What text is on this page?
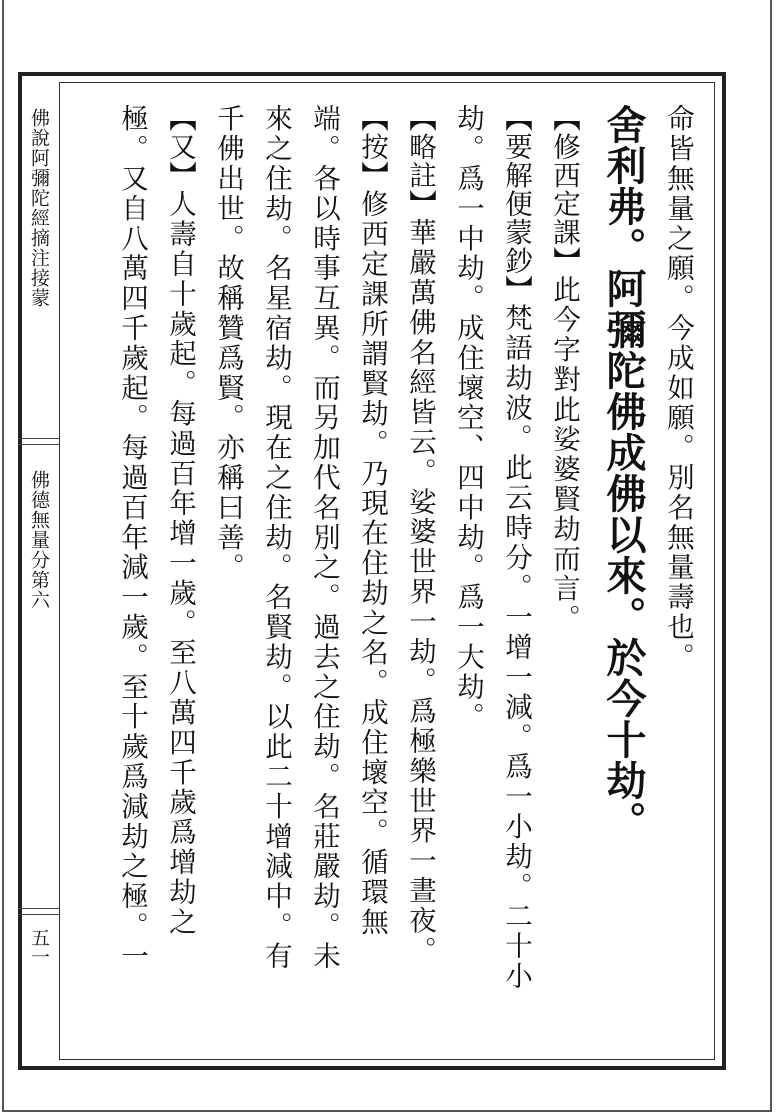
佛說阿彌陀經摘注接蒙
佛德無量分第六
五一
命皆無量之願。今成如願。別名無量壽也。
舍利弗。阿彌陀佛成佛以來。於今十劫。
【修西定課】此今字對此娑婆賢劫而言。
【要解便蒙鈔】梵語劫波。此云時分。一增一減。爲一小劫。二十小
劫。爲一中劫。成住壞空、四中劫。爲一大劫。
【略註】華嚴萬佛名經皆云。娑婆世界一劫。爲極樂世界一晝夜。
【按】修西定課所謂賢劫。乃現在住劫之名。成住壞空。循環無
端。各以時事互異。而另加代名別之。過去之住劫。名莊嚴劫。未
來之住劫。名星宿劫。現在之住劫。名賢劫。以此二十增減中。有
千佛出世。故稱贊爲賢。亦稱曰善。
【又】人壽自十歲起。每過百年增一歲。至八萬四千歲爲增劫之
極。又自八萬四千歲起。每過百年減一歲。至十歲爲減劫之極。一
